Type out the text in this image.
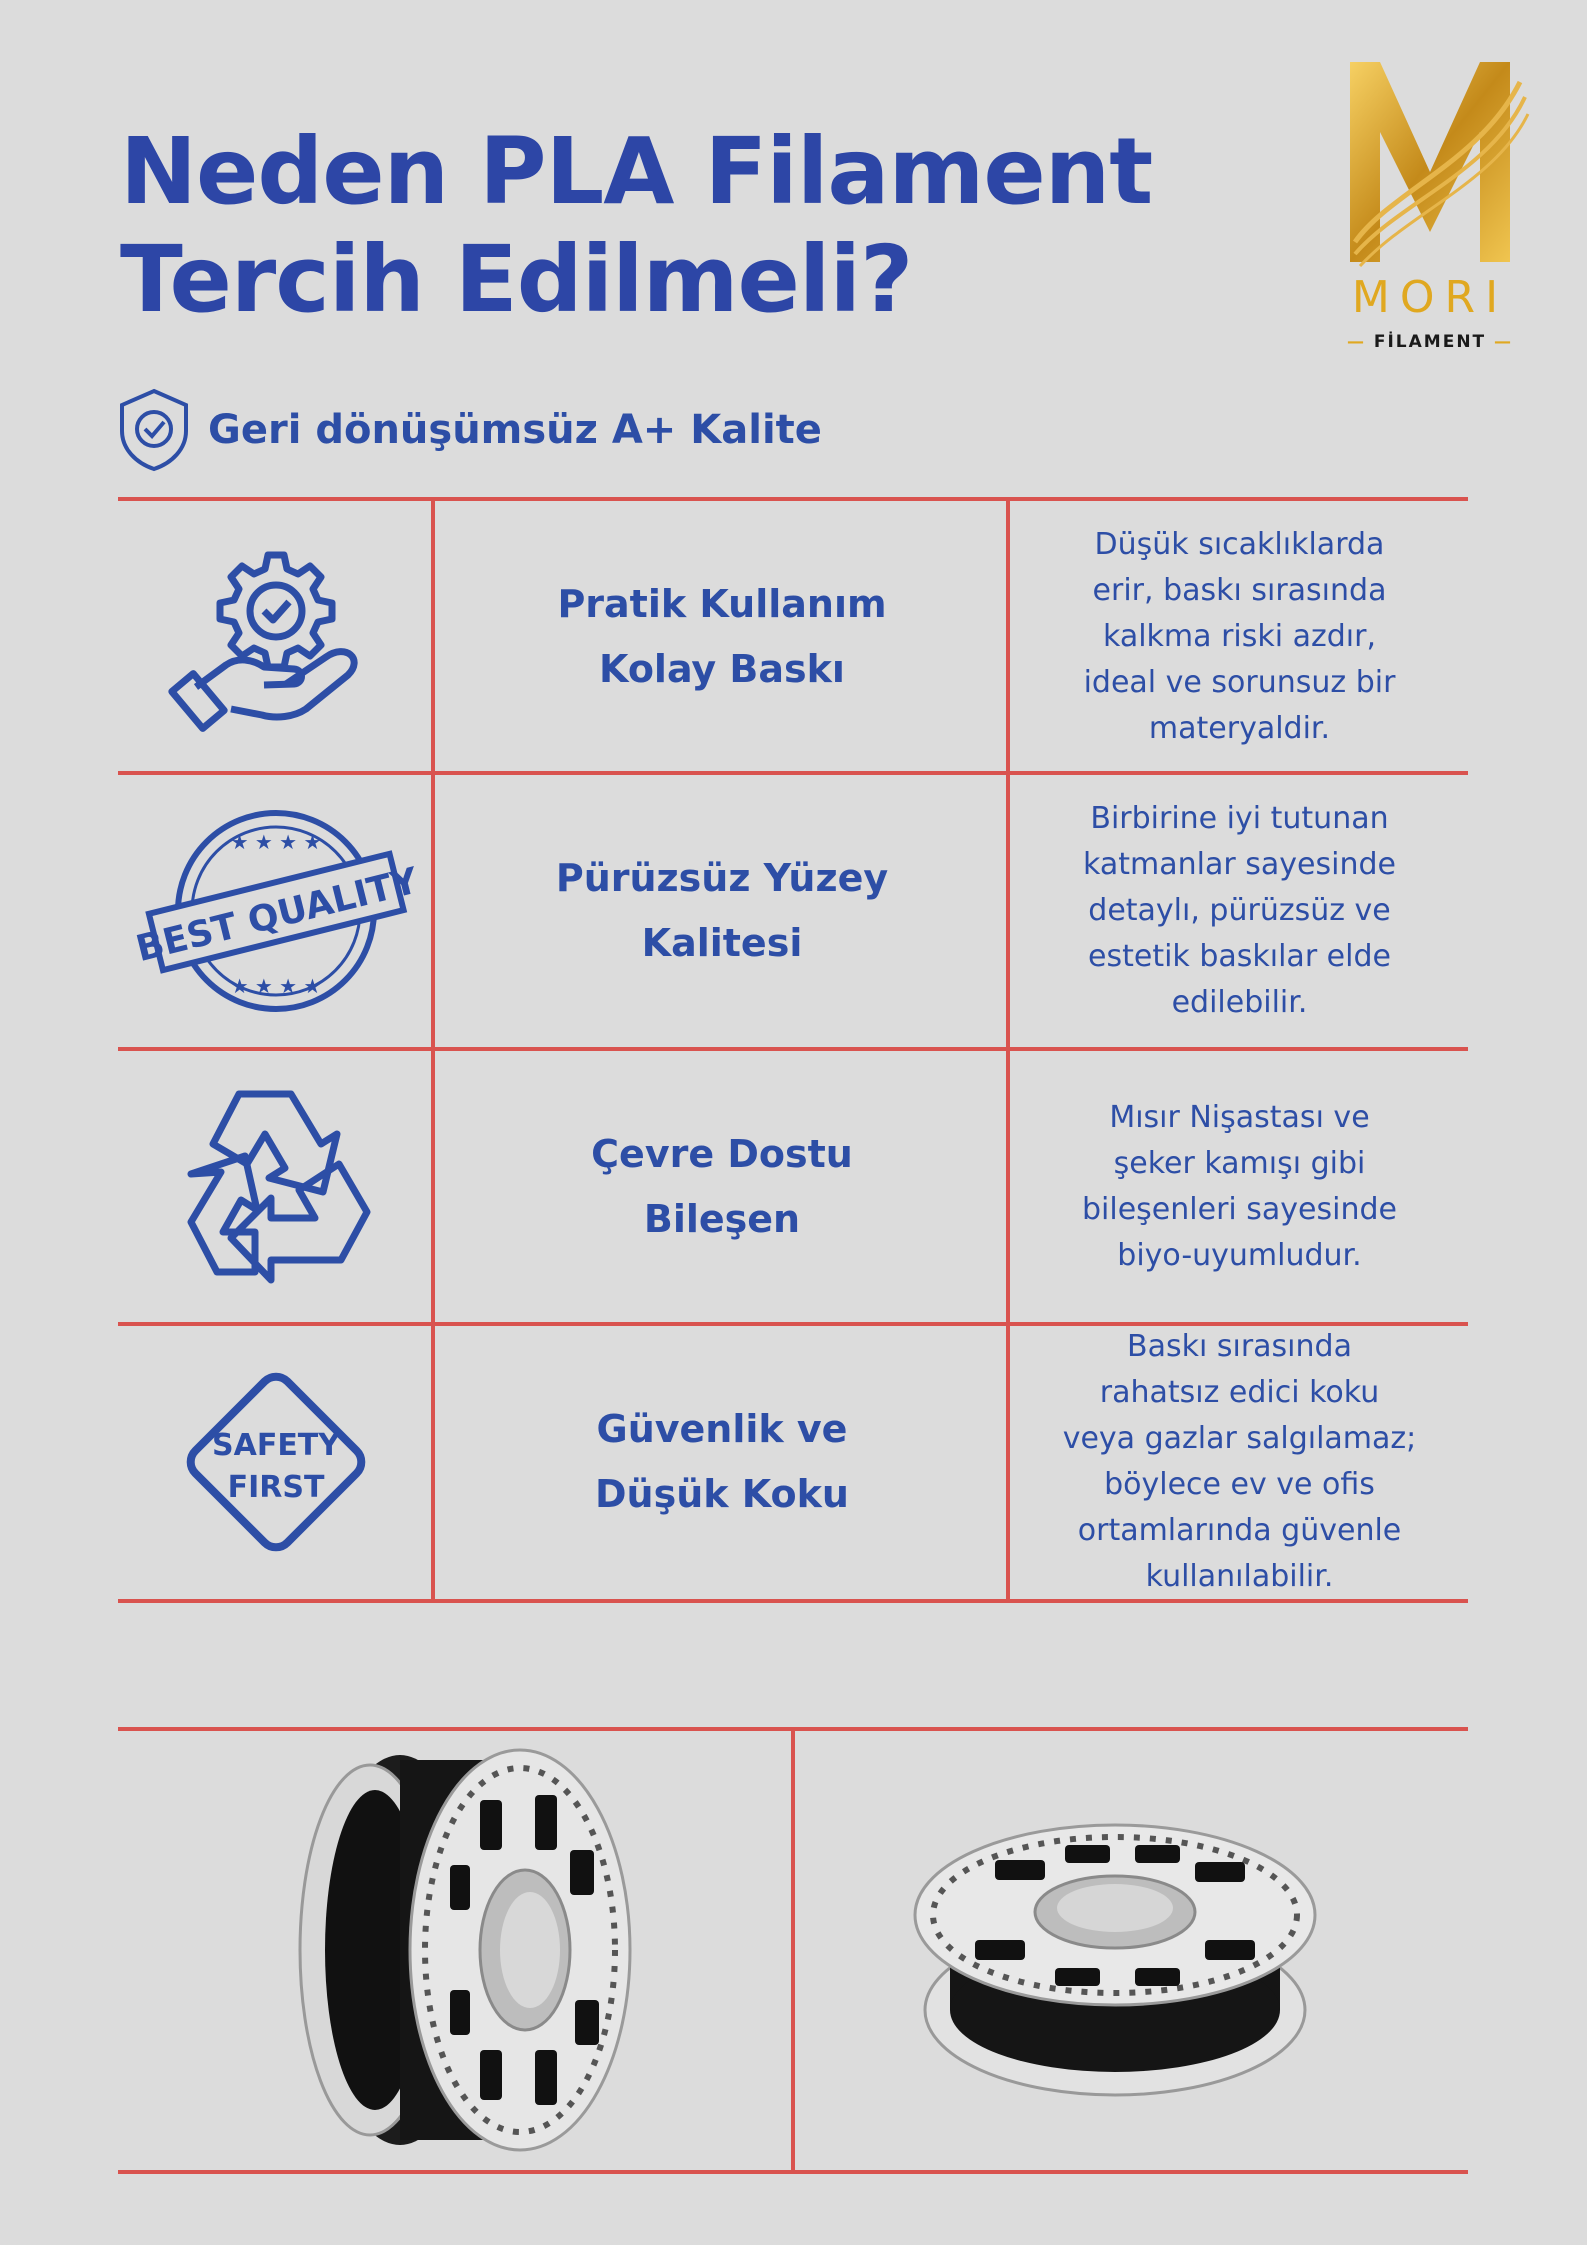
Neden PLA Filament
Tercih Edilmeli?	MORI
— FİLAMENT —
Geri dönüşümsüz A+ Kalite
Pratik Kullanım
Kolay Baskı
Düşük sıcaklıklarda
erir, baskı sırasında
kalkma riski azdır,
ideal ve sorunsuz bir
materyaldir.
★ ★ ★ ★
★ ★ ★ ★
BEST QUALITY	Pürüzsüz Yüzey
Kalitesi
Birbirine iyi tutunan
katmanlar sayesinde
detaylı, pürüzsüz ve
estetik baskılar elde
edilebilir.
Çevre Dostu
Bileşen
Mısır Nişastası ve
şeker kamışı gibi
bileşenleri sayesinde
biyo-uyumludur.
SAFETY
FIRST
Güvenlik ve
Düşük Koku
Baskı sırasında
rahatsız edici koku
veya gazlar salgılamaz;
böylece ev ve ofis
ortamlarında güvenle
kullanılabilir.
